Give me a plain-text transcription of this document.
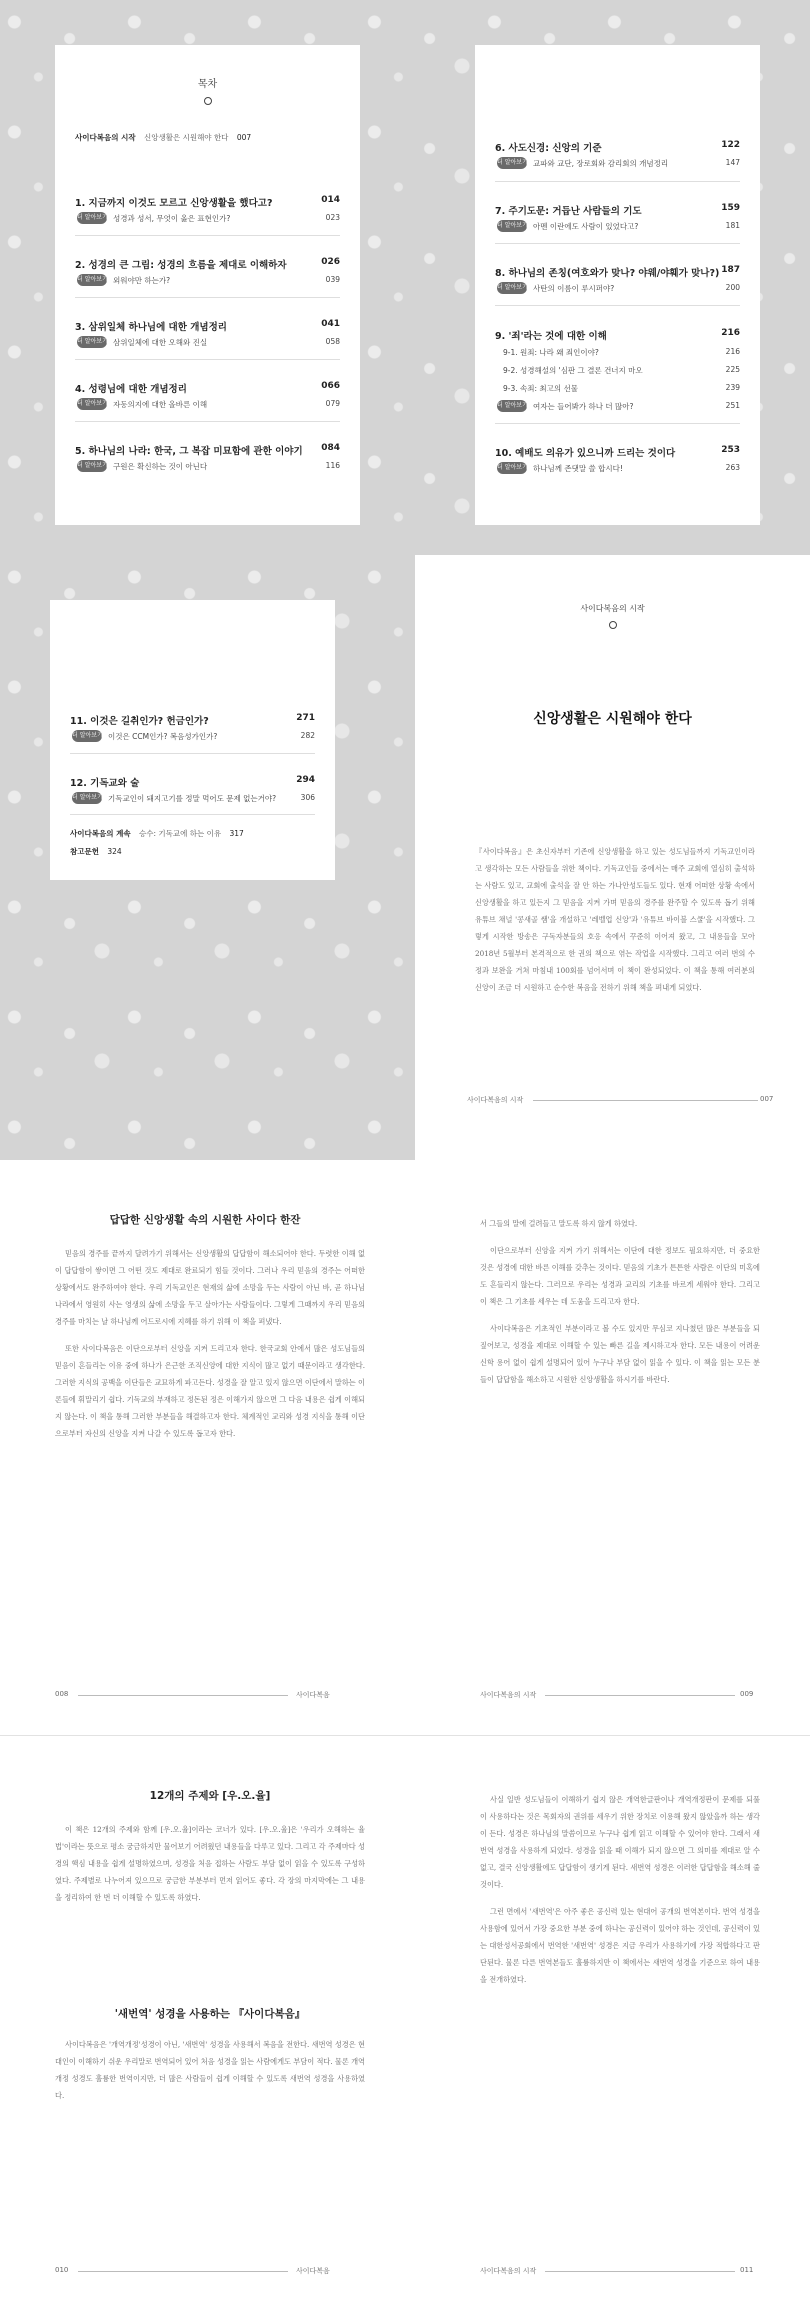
목차
사이다복음의 시작 신앙생활은 시원해야 한다 007
1. 지금까지 이것도 모르고 신앙생활을 했다고?	014
더 알아보기 성경과 성서, 무엇이 옳은 표현인가?	023
2. 성경의 큰 그림: 성경의 흐름을 제대로 이해하자	026
더 알아보기 외워야만 하는가?	039
3. 삼위일체 하나님에 대한 개념정리	041
더 알아보기 삼위일체에 대한 오해와 진실	058
4. 성령님에 대한 개념정리	066
더 알아보기 자동의지에 대한 올바른 이해	079
5. 하나님의 나라: 한국, 그 복잡 미묘함에 관한 이야기 084
더 알아보기 구원은 확신하는 것이 아닌다	116
6. 사도신경: 신앙의 기준	122
더 알아보기 교파와 교단, 장로회와 감리회의 개념정리	147
7. 주기도문: 거듭난 사람들의 기도	159
더 알아보기 아멘 이란에도 사람이 있었다고?	181
8. 하나님의 존칭(여호와가 맞나? 야웨/야훼가 맞나?) 187
더 알아보기 사탄의 이름이 루시퍼야?	200
9. '죄'라는 것에 대한 이해	216
9-1. 원죄: 나라 왜 죄인이야?	216
9-2. 성경해설의 '심판 그 결론 건너지 마오	225
9-3. 속죄: 최고의 선물	239
더 알아보기 여자는 들어봐가 하나 더 많아?	251
10. 예배도 의유가 있으니까 드리는 것이다	253
더 알아보기 하나님께 존댓말 쓸 합시다!	263
11. 이것은 길취인가? 헌금인가?	271
더 알아보기 이것은 CCM인가? 복음성가인가?	282
12. 기독교와 술	294
더 알아보기 기독교인이 돼지고기를 정말 먹어도 문제 없는거야?	306
사이다복음의 계속 승수: 기독교에 하는 이유 317
참고문헌 324
사이다복음의 시작
신앙생활은 시원해야 한다

『사이다복음』은 초신자부터 기존에 신앙생활을 하고 있는 성도님들까지 기독교인이라고 생각하는 모든 사람들을 위한 책이다. 기독교인들 중에서는 매주 교회에 열심히 출석하는 사람도 있고, 교회에 출석을 잘 안 하는 가나안성도들도 있다. 현재 어떠한 상황 속에서 신앙생활을 하고 있든지 그 믿음을 지켜 가며 믿음의 경주를 완주할 수 있도록 돕기 위해 유튜브 채널 '콩새골 쌤'을 개설하고 '레벨업 신앙'과 '유튜브 바이블 스쿨'을 시작했다. 그렇게 시작한 방송은 구독자분들의 호응 속에서 꾸준히 이어져 왔고, 그 내용들을 모아 2018년 5월부터 본격적으로 한 권의 책으로 엮는 작업을 시작했다. 그리고 여러 번의 수정과 보완을 거쳐 마침내 100회를 넘어서며 이 책이 완성되었다. 이 책을 통해 여러분의 신앙이 조금 더 시원하고 순수한 복음을 전하기 위해 책을 펴내게 되었다.

사이다복음의 시작	007
답답한 신앙생활 속의 시원한 사이다 한잔

믿음의 경주를 끝까지 달려가기 위해서는 신앙생활의 답답함이 해소되어야 한다. 두렷한 이해 없이 답답함이 쌓이면 그 어떤 것도 제대로 완료되기 힘들 것이다. 그러나 우리 믿음의 경주는 어떠한 상황에서도 완주하여야 한다. 우리 기독교인은 현재의 삶에 소망을 두는 사람이 아닌 바, 곧 하나님나라에서 영원히 사는 영생의 삶에 소망을 두고 살아가는 사람들이다. 그렇게 그때까지 우리 믿음의 경주를 마치는 날 하나님께 어드로시에 지혜를 하기 위해 이 책을 펴냈다.

또한 사이다복음은 이단으로부터 신앙을 지켜 드리고자 한다. 한국교회 안에서 많은 성도님들의 믿음이 흔들리는 이유 중에 하나가 은근한 조직신앙에 대한 지식이 많고 없기 때문이라고 생각한다. 그러한 지식의 공백을 이단들은 교묘하게 파고든다. 성경을 잘 알고 있지 않으면 이단에서 말하는 이론들에 휘말리기 쉽다. 기독교의 부재하고 정돈된 정은 이해가지 않으면 그 다음 내용은 쉽게 이해되지 않는다. 이 책을 통해 그러한 부분들을 해결하고자 한다. 체계적인 교리와 성경 지식을 통해 이단으로부터 자신의 신앙을 지켜 나갈 수 있도록 돕고자 한다.

008	사이다복음

서 그들의 말에 걸려들고 말도록 하지 않게 하였다.

이단으로부터 신앙을 지켜 가기 위해서는 이단에 대한 정보도 필요하지만, 더 중요한 것은 성경에 대한 바른 이해를 갖추는 것이다. 믿음의 기초가 튼튼한 사람은 이단의 미혹에도 흔들리지 않는다. 그러므로 우리는 성경과 교리의 기초를 바르게 세워야 한다. 그리고 이 책은 그 기초를 세우는 데 도움을 드리고자 한다.

사이다복음은 기초적인 부분이라고 볼 수도 있지만 무심코 지나쳤던 많은 부분들을 되짚어보고, 성경을 제대로 이해할 수 있는 빠른 길을 제시하고자 한다. 모든 내용이 어려운 신학 용어 없이 쉽게 설명되어 있어 누구나 부담 없이 읽을 수 있다. 이 책을 읽는 모든 분들이 답답함을 해소하고 시원한 신앙생활을 하시기를 바란다.

사이다복음의 시작	009
12개의 주제와 [우.오.율]

이 책은 12개의 주제와 함께 [우.오.율]이라는 코너가 있다. [우.오.율]은 '우리가 오해하는 율법'이라는 뜻으로 평소 궁금하지만 물어보기 어려웠던 내용들을 다루고 있다. 그리고 각 주제마다 성경의 핵심 내용을 쉽게 설명하였으며, 성경을 처음 접하는 사람도 부담 없이 읽을 수 있도록 구성하였다. 주제별로 나누어져 있으므로 궁금한 부분부터 먼저 읽어도 좋다. 각 장의 마지막에는 그 내용을 정리하여 한 번 더 이해할 수 있도록 하였다.

'새번역' 성경을 사용하는 『사이다복음』

사이다복음은 '개역개정'성경이 아닌, '새번역' 성경을 사용해서 복음을 전한다. 새번역 성경은 현대인이 이해하기 쉬운 우리말로 번역되어 있어 처음 성경을 읽는 사람에게도 부담이 적다. 물론 개역개정 성경도 훌륭한 번역이지만, 더 많은 사람들이 쉽게 이해할 수 있도록 새번역 성경을 사용하였다.

010	사이다복음

사실 일반 성도님들이 이해하기 쉽지 않은 개역한글판이나 개역개정판이 문제를 되풀이 사용하다는 것은 목회자의 권위를 세우기 위한 장치로 이용해 왔지 않았을까 하는 생각이 든다. 성경은 하나님의 말씀이므로 누구나 쉽게 읽고 이해할 수 있어야 한다. 그래서 새번역 성경을 사용하게 되었다. 성경을 읽을 때 이해가 되지 않으면 그 의미를 제대로 알 수 없고, 결국 신앙생활에도 답답함이 생기게 된다. 새번역 성경은 이러한 답답함을 해소해 줄 것이다.

그런 면에서 '새번역'은 아주 좋은 공신력 있는 현대어 공개의 번역본이다. 번역 성경을 사용함에 있어서 가장 중요한 부분 중에 하나는 공신력이 있어야 하는 것인데, 공신력이 있는 대한성서공회에서 번역한 '새번역' 성경은 지금 우리가 사용하기에 가장 적합하다고 판단된다. 물론 다른 번역본들도 훌륭하지만 이 책에서는 새번역 성경을 기준으로 하여 내용을 전개하였다.

사이다복음의 시작	011
